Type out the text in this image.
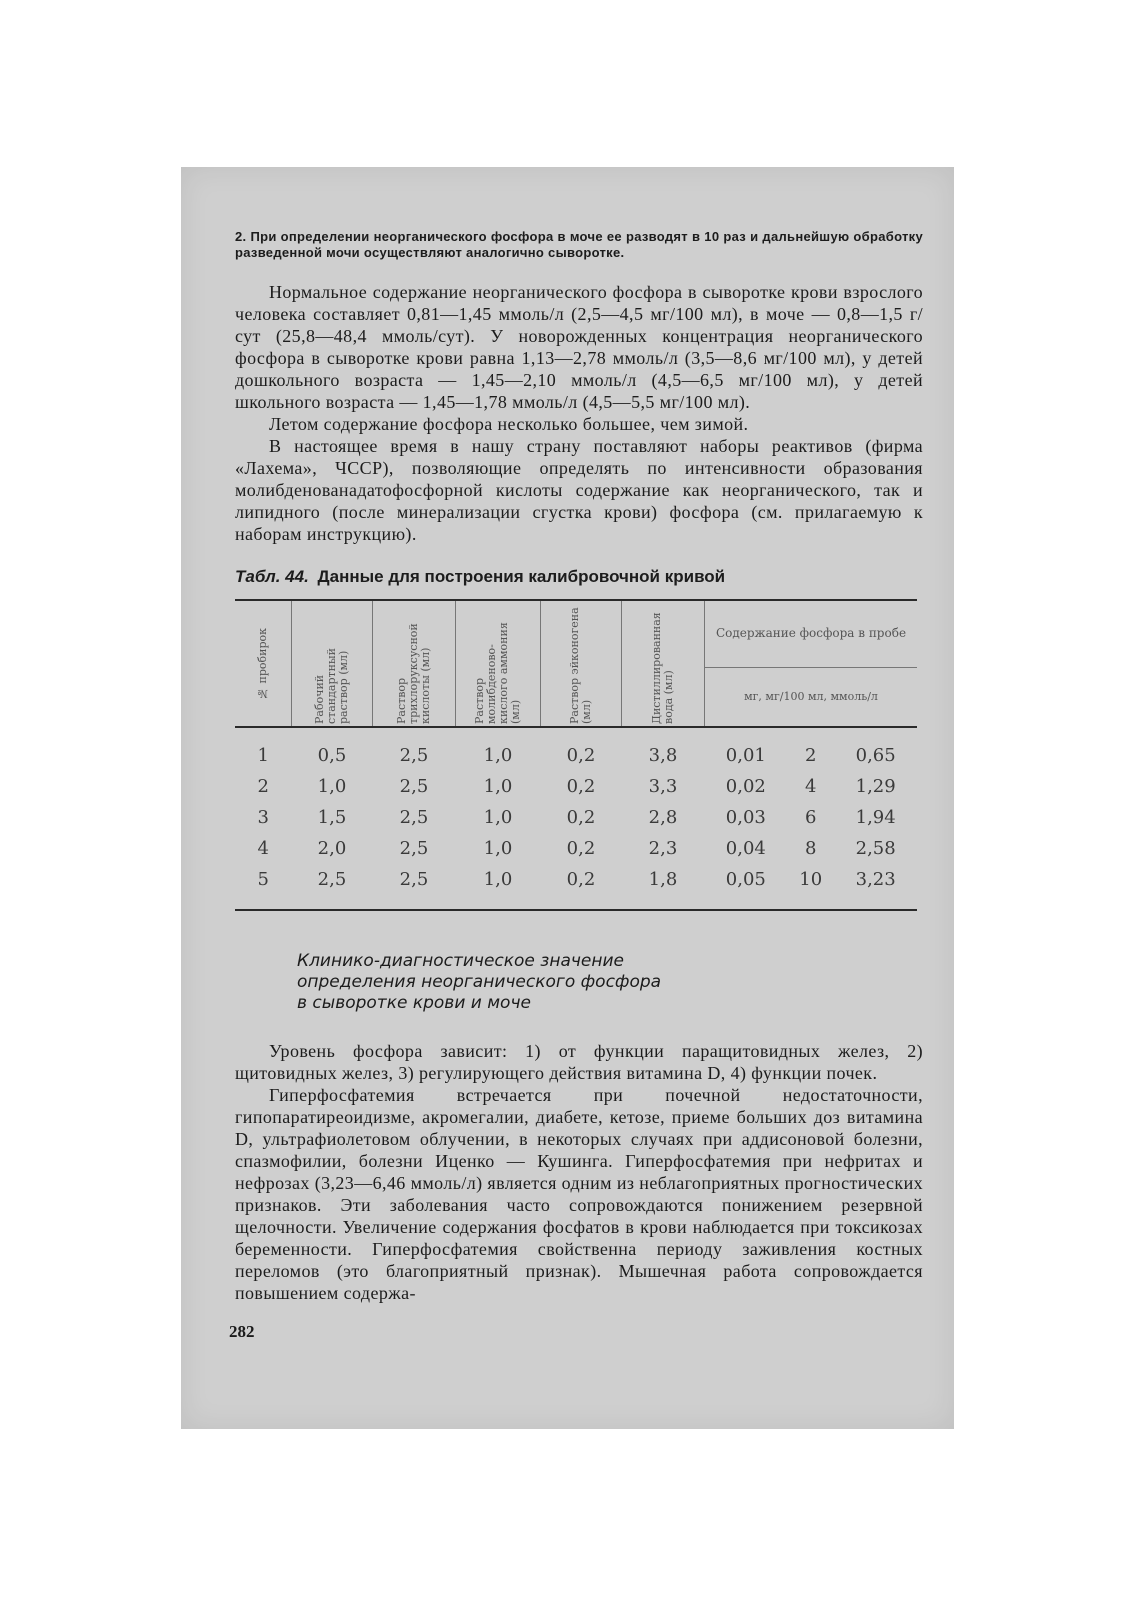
2. При определении неорганического фосфора в моче ее разводят в 10 раз и дальнейшую обработку разведенной мочи осуществляют аналогично сыворотке.

Нормальное содержание неорганического фосфора в сыворотке крови взрослого человека составляет 0,81—1,45 ммоль/л (2,5—4,5 мг/100 мл), в моче — 0,8—1,5 г/сут (25,8—48,4 ммоль/сут). У новорожденных концентрация неорганического фосфора в сыворотке крови равна 1,13—2,78 ммоль/л (3,5—8,6 мг/100 мл), у детей дошкольного возраста — 1,45—2,10 ммоль/л (4,5—6,5 мг/100 мл), у детей школьного возраста — 1,45—1,78 ммоль/л (4,5—5,5 мг/100 мл).

Летом содержание фосфора несколько большее, чем зимой.

В настоящее время в нашу страну поставляют наборы реактивов (фирма «Лахема», ЧССР), позволяющие определять по интенсивности образования молибденованадатофосфорной кислоты содержание как неорганического, так и липидного (после минерализации сгустка крови) фосфора (см. прилагаемую к наборам инструкцию).

Табл. 44. Данные для построения калибровочной кривой
№ пробирок	Рабочий стандартный раствор (мл)	Раствор трихлоруксусной кислоты (мл)	Раствор молибденово-кислого аммония (мл)	Раствор эйконогена (мл)	Дистиллированная вода (мл)	Содержание фосфора в пробе		
						мг, мг/100 мл, ммоль/л		
1	0,5	2,5	1,0	0,2	3,8	0,01	2	0,65
2	1,0	2,5	1,0	0,2	3,3	0,02	4	1,29
3	1,5	2,5	1,0	0,2	2,8	0,03	6	1,94
4	2,0	2,5	1,0	0,2	2,3	0,04	8	2,58
5	2,5	2,5	1,0	0,2	1,8	0,05	10	3,23
Клинико-диагностическое значение
определения неорганического фосфора
в сыворотке крови и моче

Уровень фосфора зависит: 1) от функции паращитовидных желез, 2) щитовидных желез, 3) регулирующего действия витамина D, 4) функции почек.

Гиперфосфатемия встречается при почечной недостаточности, гипопаратиреоидизме, акромегалии, диабете, кетозе, приеме больших доз витамина D, ультрафиолетовом облучении, в некоторых случаях при аддисоновой болезни, спазмофилии, болезни Иценко — Кушинга. Гиперфосфатемия при нефритах и нефрозах (3,23—6,46 ммоль/л) является одним из неблагоприятных прогностических признаков. Эти заболевания часто сопровождаются понижением резервной щелочности. Увеличение содержания фосфатов в крови наблюдается при токсикозах беременности. Гиперфосфатемия свойственна периоду заживления костных переломов (это благоприятный признак). Мышечная работа сопровождается повышением содержа-

282
